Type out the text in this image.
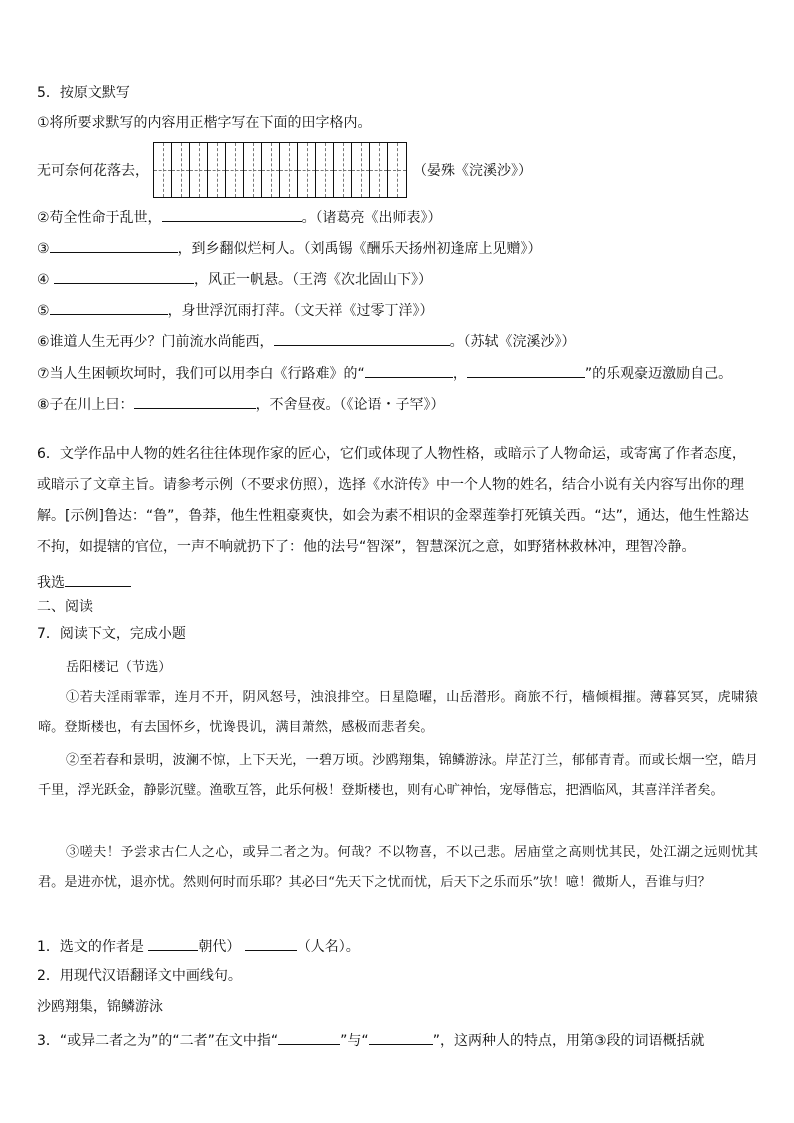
5．按原文默写
①将所要求默写的内容用正楷字写在下面的田字格内。
无可奈何花落去，	（晏殊《浣溪沙》）
②苟全性命于乱世，	。（诸葛亮《出师表》）
③	，到乡翻似烂柯人。（刘禹锡《酬乐天扬州初逢席上见赠》）
④	，风正一帆悬。（王湾《次北固山下》）
⑤	，身世浮沉雨打萍。（文天祥《过零丁洋》）
⑥谁道人生无再少？门前流水尚能西，	。（苏轼《浣溪沙》）
⑦当人生困顿坎坷时，我们可以用李白《行路难》的“	，	”的乐观豪迈激励自己。
⑧子在川上曰：	，不舍昼夜。（《论语・子罕》）
6．文学作品中人物的姓名往往体现作家的匠心，它们或体现了人物性格，或暗示了人物命运，或寄寓了作者态度，或暗示了文章主旨。请参考示例（不要求仿照），选择《水浒传》中一个人物的姓名，结合小说有关内容写出你的理解。[示例]鲁达：“鲁”，鲁莽，他生性粗豪爽快，如会为素不相识的金翠莲拳打死镇关西。“达”，通达，他生性豁达不拘，如提辖的官位，一声不响就扔下了：他的法号“智深”，智慧深沉之意，如野猪林救林冲，理智冷静。
我选
二、阅读
7．阅读下文，完成小题
岳阳楼记（节选）
①若夫淫雨霏霏，连月不开，阴风怒号，浊浪排空。日星隐曜，山岳潜形。商旅不行，樯倾楫摧。薄暮冥冥，虎啸猿啼。登斯楼也，有去国怀乡，忧谗畏讥，满目萧然，感极而悲者矣。
②至若春和景明，波澜不惊，上下天光，一碧万顷。沙鸥翔集，锦鳞游泳。岸芷汀兰，郁郁青青。而或长烟一空，皓月千里，浮光跃金，静影沉璧。渔歌互答，此乐何极！登斯楼也，则有心旷神怡，宠辱偕忘，把酒临风，其喜洋洋者矣。
③嗟夫！予尝求古仁人之心，或异二者之为。何哉？不以物喜，不以己悲。居庙堂之高则忧其民，处江湖之远则忧其君。是进亦忧，退亦忧。然则何时而乐耶？其必曰“先天下之忧而忧，后天下之乐而乐”欤！噫！微斯人，吾谁与归？
1．选文的作者是	朝代）	（人名）。
2．用现代汉语翻译文中画线句。
沙鸥翔集，锦鳞游泳
3．“或异二者之为”的“二者”在文中指“	”与“	”，这两种人的特点，用第③段的词语概括就
